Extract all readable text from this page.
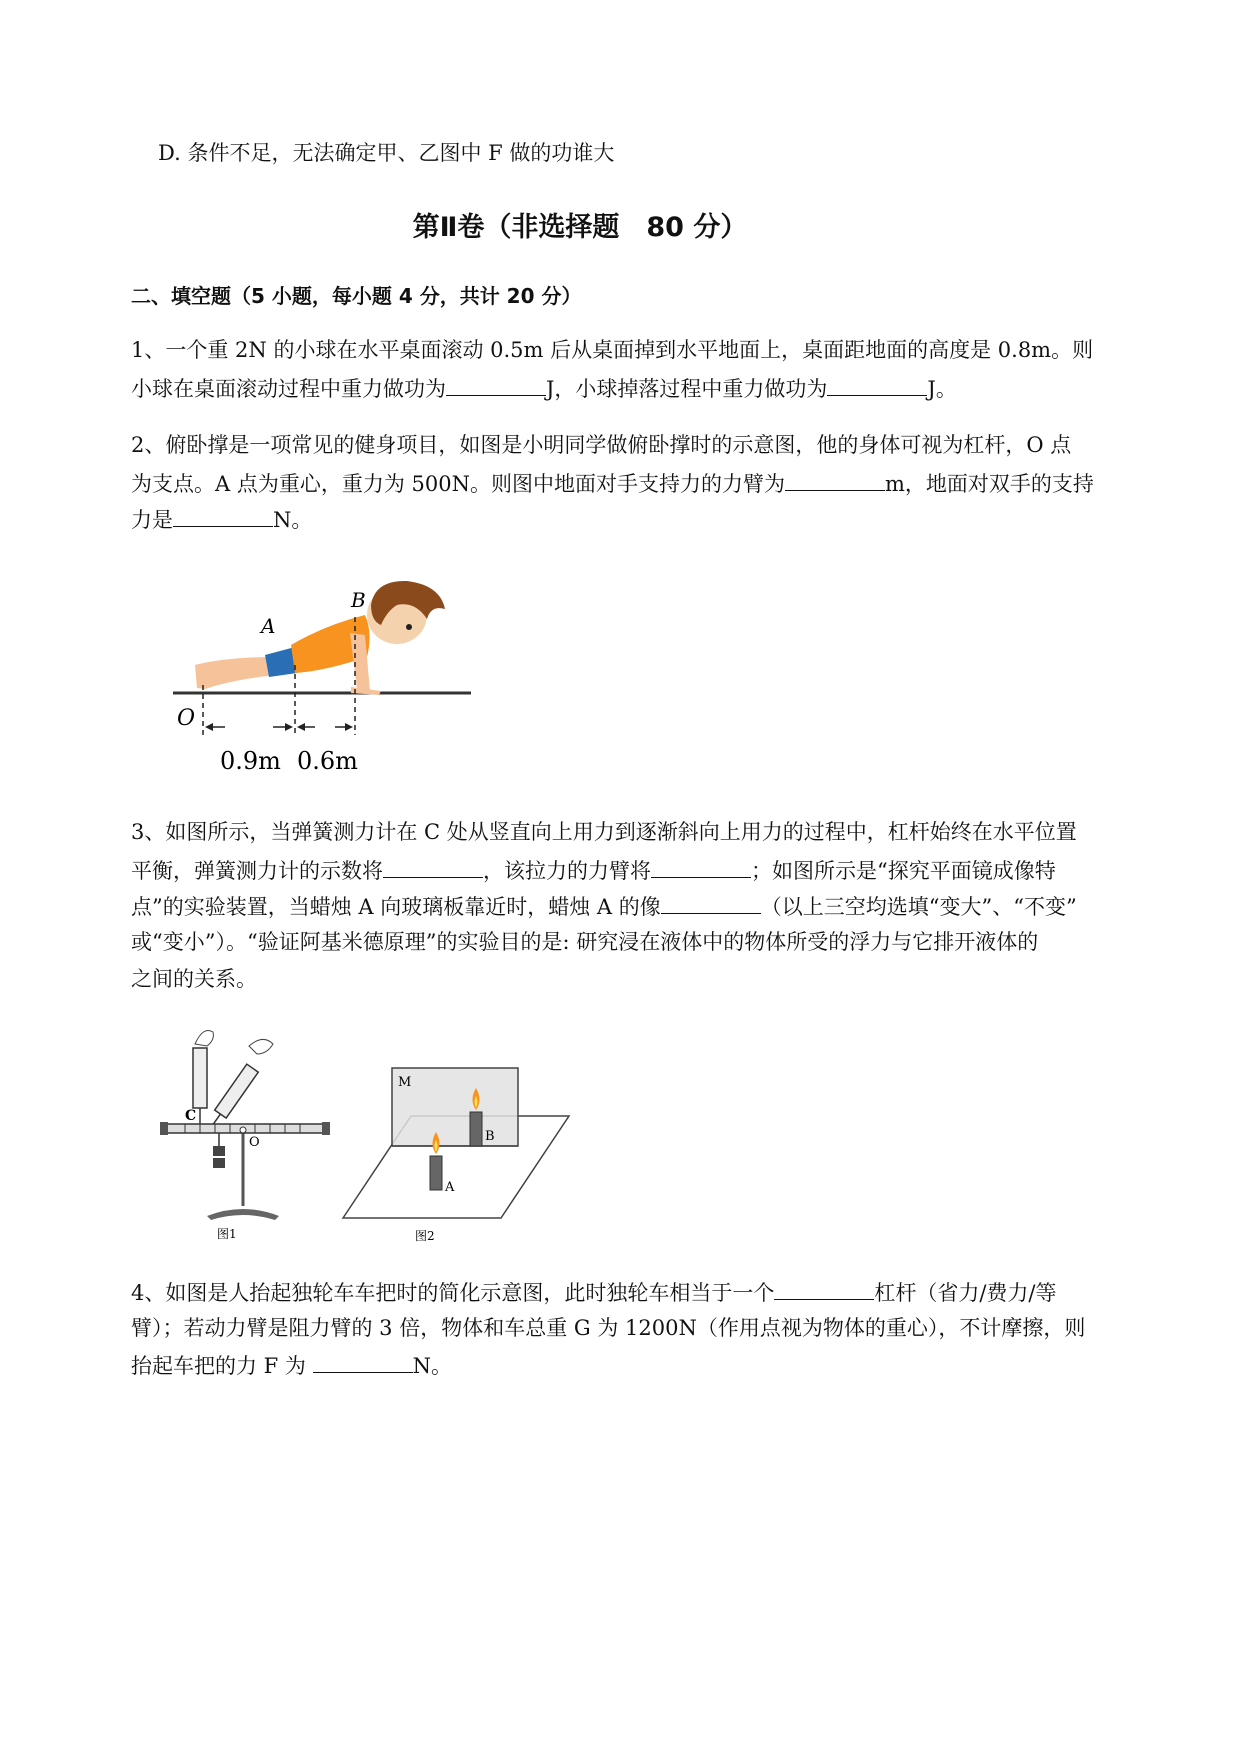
D. 条件不足，无法确定甲、乙图中 F 做的功谁大
第Ⅱ卷（非选择题　80 分）
二、填空题（5 小题，每小题 4 分，共计 20 分）
1、一个重 2N 的小球在水平桌面滚动 0.5m 后从桌面掉到水平地面上，桌面距地面的高度是 0.8m。则
小球在桌面滚动过程中重力做功为	J，小球掉落过程中重力做功为	J。
2、俯卧撑是一项常见的健身项目，如图是小明同学做俯卧撑时的示意图，他的身体可视为杠杆，O 点
为支点。A 点为重心，重力为 500N。则图中地面对手支持力的力臂为	m，地面对双手的支持
力是	N。
A
B
O
0.9m 0.6m
3、如图所示，当弹簧测力计在 C 处从竖直向上用力到逐渐斜向上用力的过程中，杠杆始终在水平位置
平衡，弹簧测力计的示数将	，该拉力的力臂将	；如图所示是“探究平面镜成像特
点”的实验装置，当蜡烛 A 向玻璃板靠近时，蜡烛 A 的像	（以上三空均选填“变大”、“不变”
或“变小”）。“验证阿基米德原理”的实验目的是: 研究浸在液体中的物体所受的浮力与它排开液体的
之间的关系。
C
O
图1
M
A
B
图2
4、如图是人抬起独轮车车把时的简化示意图，此时独轮车相当于一个	杠杆（省力/费力/等
臂）；若动力臂是阻力臂的 3 倍，物体和车总重 G 为 1200N（作用点视为物体的重心），不计摩擦，则
抬起车把的力 F 为	N。
